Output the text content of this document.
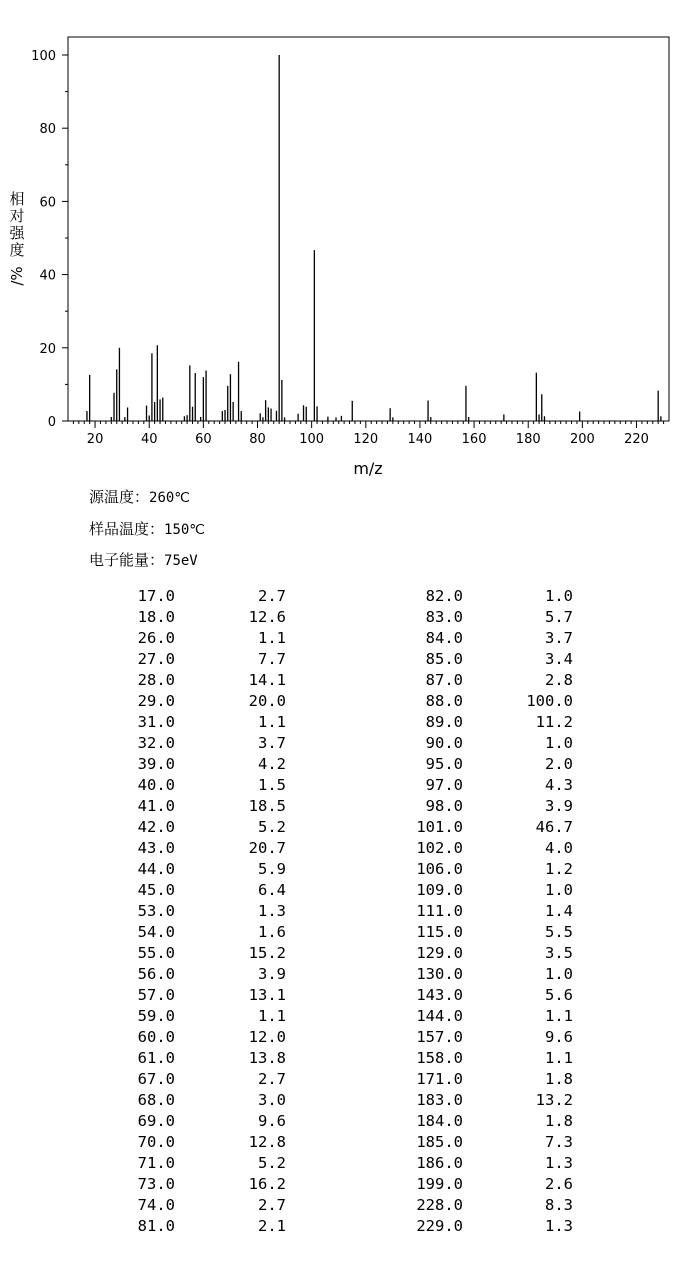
20	40	60	80	100 120 140 160 180 200 220
0
20
40
60
80
100
m/z
相
对
强
度
/%
源温度：260℃
样品温度：150℃
电子能量：75eV
17.0	2.7	82.0	1.0
18.0	12.6	83.0	5.7
26.0	1.1	84.0	3.7
27.0	7.7	85.0	3.4
28.0	14.1	87.0	2.8
29.0	20.0	88.0	100.0
31.0	1.1	89.0	11.2
32.0	3.7	90.0	1.0
39.0	4.2	95.0	2.0
40.0	1.5	97.0	4.3
41.0	18.5	98.0	3.9
42.0	5.2	101.0	46.7
43.0	20.7	102.0	4.0
44.0	5.9	106.0	1.2
45.0	6.4	109.0	1.0
53.0	1.3	111.0	1.4
54.0	1.6	115.0	5.5
55.0	15.2	129.0	3.5
56.0	3.9	130.0	1.0
57.0	13.1	143.0	5.6
59.0	1.1	144.0	1.1
60.0	12.0	157.0	9.6
61.0	13.8	158.0	1.1
67.0	2.7	171.0	1.8
68.0	3.0	183.0	13.2
69.0	9.6	184.0	1.8
70.0	12.8	185.0	7.3
71.0	5.2	186.0	1.3
73.0	16.2	199.0	2.6
74.0	2.7	228.0	8.3
81.0	2.1	229.0	1.3
